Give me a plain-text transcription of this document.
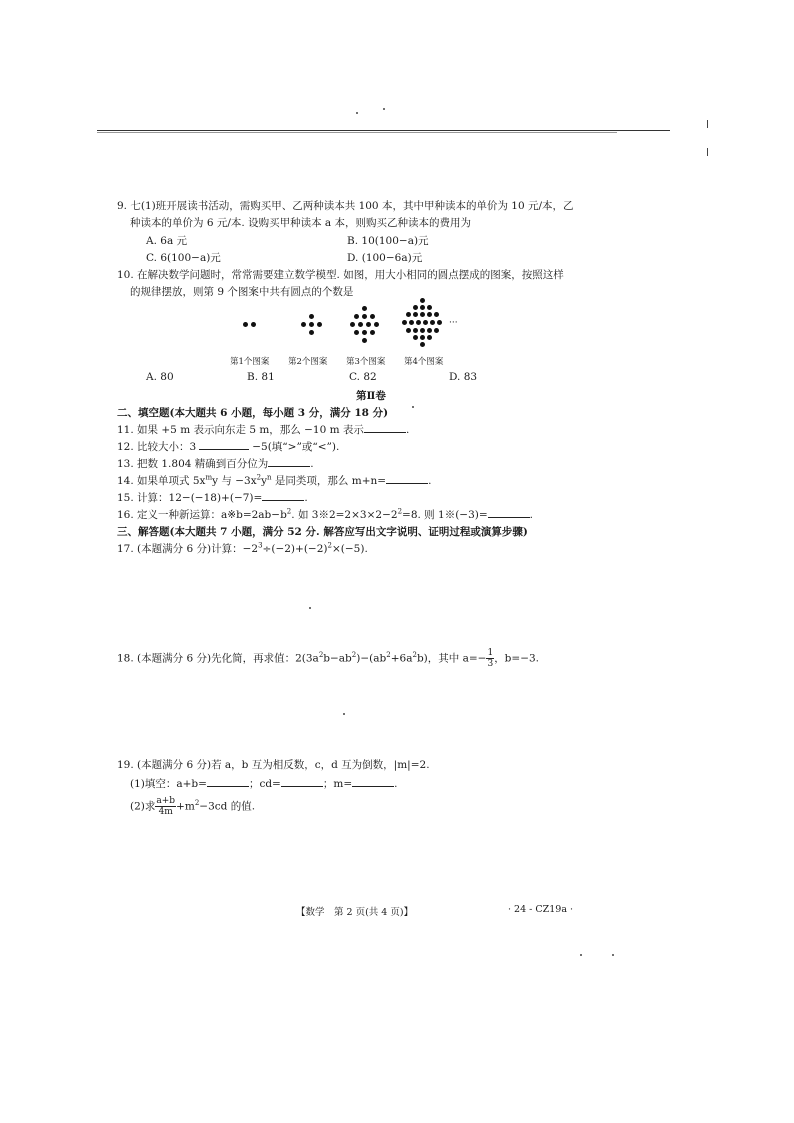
9. 七(1)班开展读书活动，需购买甲、乙两种读本共 100 本，其中甲种读本的单价为 10 元/本，乙
种读本的单价为 6 元/本. 设购买甲种读本 a 本，则购买乙种读本的费用为
A. 6a 元	B. 10(100−a)元
C. 6(100−a)元	D. (100−6a)元
10. 在解决数学问题时，常常需要建立数学模型. 如图，用大小相同的圆点摆成的图案，按照这样
的规律摆放，则第 9 个图案中共有圆点的个数是
···
第1个图案 第2个图案 第3个图案 第4个图案
A. 80	B. 81	C. 82	D. 83
第Ⅱ卷
二、填空题(本大题共 6 小题，每小题 3 分，满分 18 分)
11. 如果 +5 m 表示向东走 5 m，那么 −10 m 表示	.
12. 比较大小：3	−5(填“>”或“<”).
13. 把数 1.804 精确到百分位为	.
14. 如果单项式 $5x^my$ 与 $-3x^2y^n$ 是同类项，那么 m+n=	.
15. 计算：12−(−18)+(−7)=	.
16. 定义一种新运算：$a※b=2ab-b^2$. 如 $3※2=2\times 3\times 2-2^2=8$. 则 1※(−3)=	.
三、解答题(本大题共 7 小题，满分 52 分. 解答应写出文字说明、证明过程或演算步骤)
17. (本题满分 6 分)计算：$-2^3\div(-2)+(-2)^2\times(-5)$.
18. (本题满分 6 分)先化简，再求值：$2(3a^2b-ab^2)-(ab^2+6a^2b)$，其中 $a=- \frac{1}{3}$ ，b=−3.
19. (本题满分 6 分)若 a，b 互为相反数，c，d 互为倒数，|m|=2.
(1)填空：a+b=	；cd=	；m=	.
(2)求 $\frac{a+b}{4m} +m^2-3cd$ 的值.
【数学　第 2 页(共 4 页)】	· 24 - CZ19a ·
